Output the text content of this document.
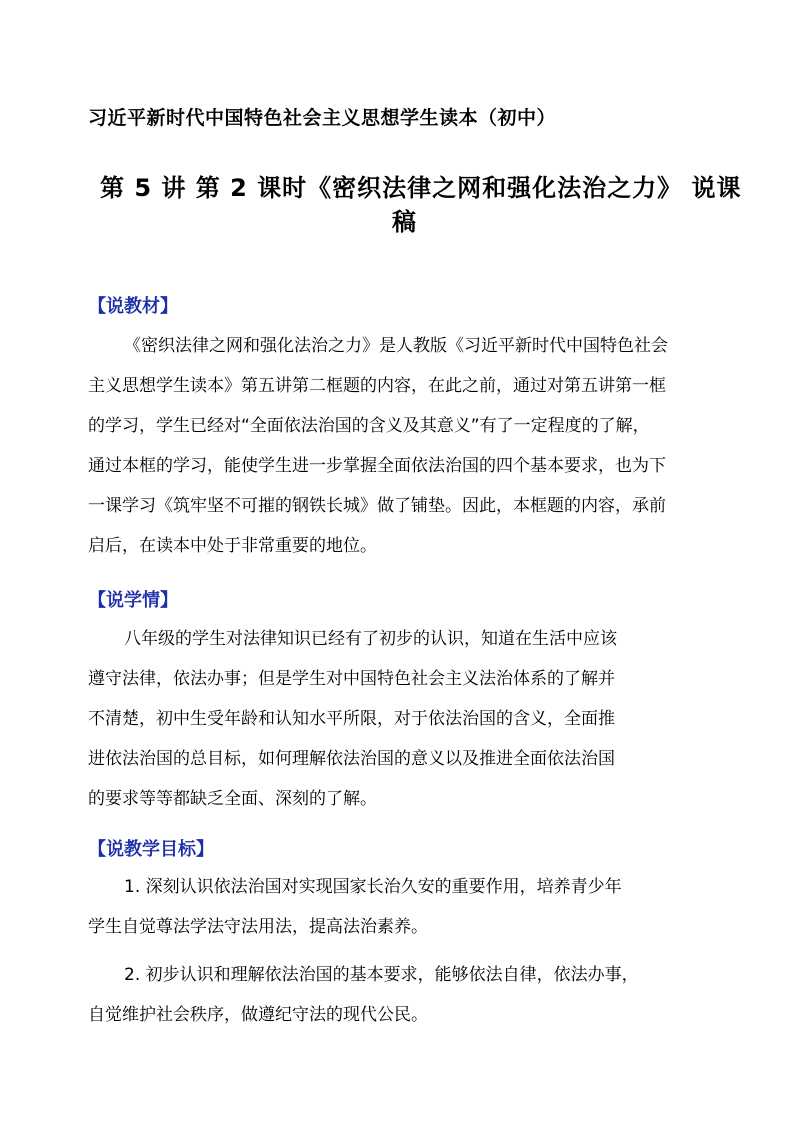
习近平新时代中国特色社会主义思想学生读本（初中）
第 5 讲 第 2 课时《密织法律之网和强化法治之力》 说课
稿
【说教材】
《密织法律之网和强化法治之力》是人教版《习近平新时代中国特色社会
主义思想学生读本》第五讲第二框题的内容，在此之前，通过对第五讲第一框
的学习，学生已经对“全面依法治国的含义及其意义”有了一定程度的了解，
通过本框的学习，能使学生进一步掌握全面依法治国的四个基本要求，也为下
一课学习《筑牢坚不可摧的钢铁长城》做了铺垫。因此，本框题的内容，承前
启后，在读本中处于非常重要的地位。
【说学情】
八年级的学生对法律知识已经有了初步的认识，知道在生活中应该
遵守法律，依法办事；但是学生对中国特色社会主义法治体系的了解并
不清楚，初中生受年龄和认知水平所限，对于依法治国的含义，全面推
进依法治国的总目标，如何理解依法治国的意义以及推进全面依法治国
的要求等等都缺乏全面、深刻的了解。
【说教学目标】
1. 深刻认识依法治国对实现国家长治久安的重要作用，培养青少年
学生自觉尊法学法守法用法，提高法治素养。
2. 初步认识和理解依法治国的基本要求，能够依法自律，依法办事，
自觉维护社会秩序，做遵纪守法的现代公民。
